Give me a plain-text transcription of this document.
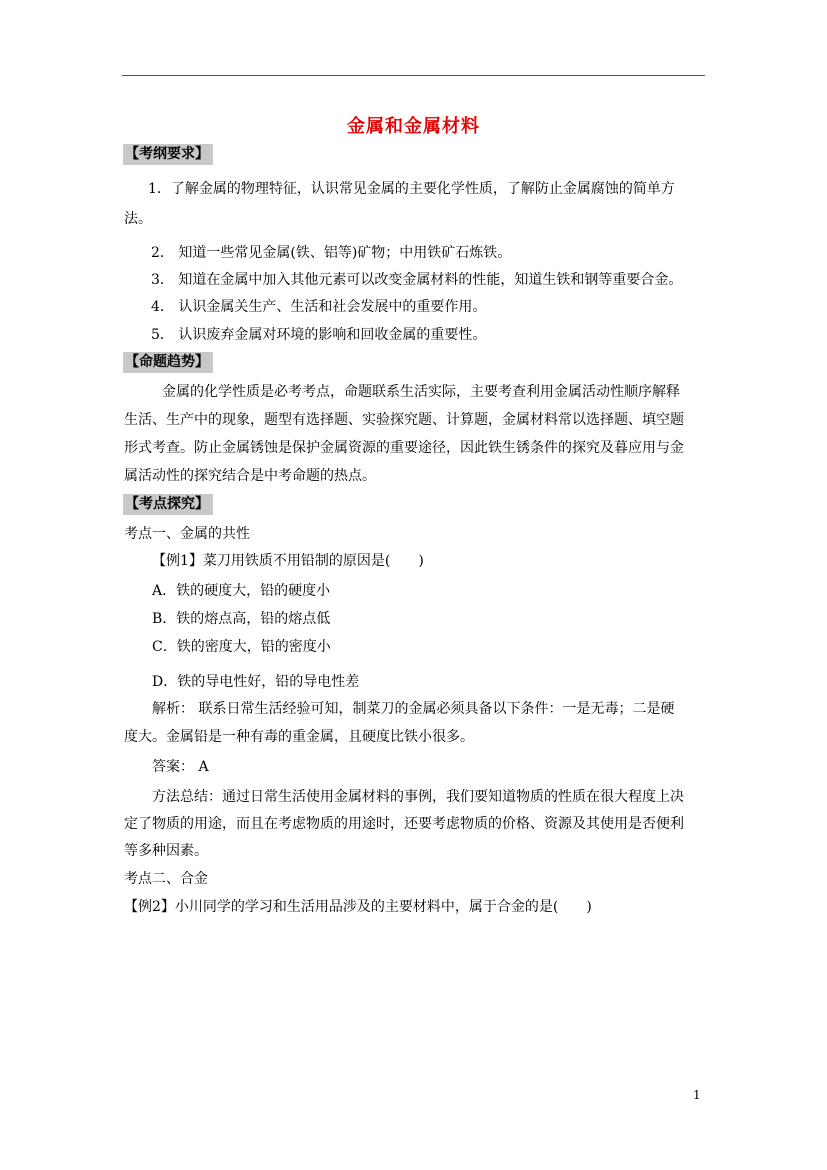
金属和金属材料
【考纲要求】
1．了解金属的物理特征，认识常见金属的主要化学性质，了解防止金属腐蚀的简单方
法。
2． 知道一些常见金属(铁、铝等)矿物；中用铁矿石炼铁。
3． 知道在金属中加入其他元素可以改变金属材料的性能，知道生铁和钢等重要合金。
4． 认识金属关生产、生活和社会发展中的重要作用。
5． 认识废弃金属对环境的影响和回收金属的重要性。
【命题趋势】
金属的化学性质是必考考点，命题联系生活实际，主要考查利用金属活动性顺序解释
生活、生产中的现象，题型有选择题、实验探究题、计算题，金属材料常以选择题、填空题
形式考查。防止金属锈蚀是保护金属资源的重要途径，因此铁生锈条件的探究及暮应用与金
属活动性的探究结合是中考命题的热点。
【考点探究】
考点一、金属的共性
【例1】菜刀用铁质不用铅制的原因是(　　)
A．铁的硬度大，铅的硬度小
B．铁的熔点高，铅的熔点低
C．铁的密度大，铅的密度小
D．铁的导电性好，铅的导电性差
解析： 联系日常生活经验可知，制菜刀的金属必须具备以下条件：一是无毒；二是硬
度大。金属铅是一种有毒的重金属，且硬度比铁小很多。
答案： A
方法总结：通过日常生活使用金属材料的事例，我们要知道物质的性质在很大程度上决
定了物质的用途，而且在考虑物质的用途时，还要考虑物质的价格、资源及其使用是否便利
等多种因素。
考点二、合金
【例2】小川同学的学习和生活用品涉及的主要材料中，属于合金的是(　　)
1
